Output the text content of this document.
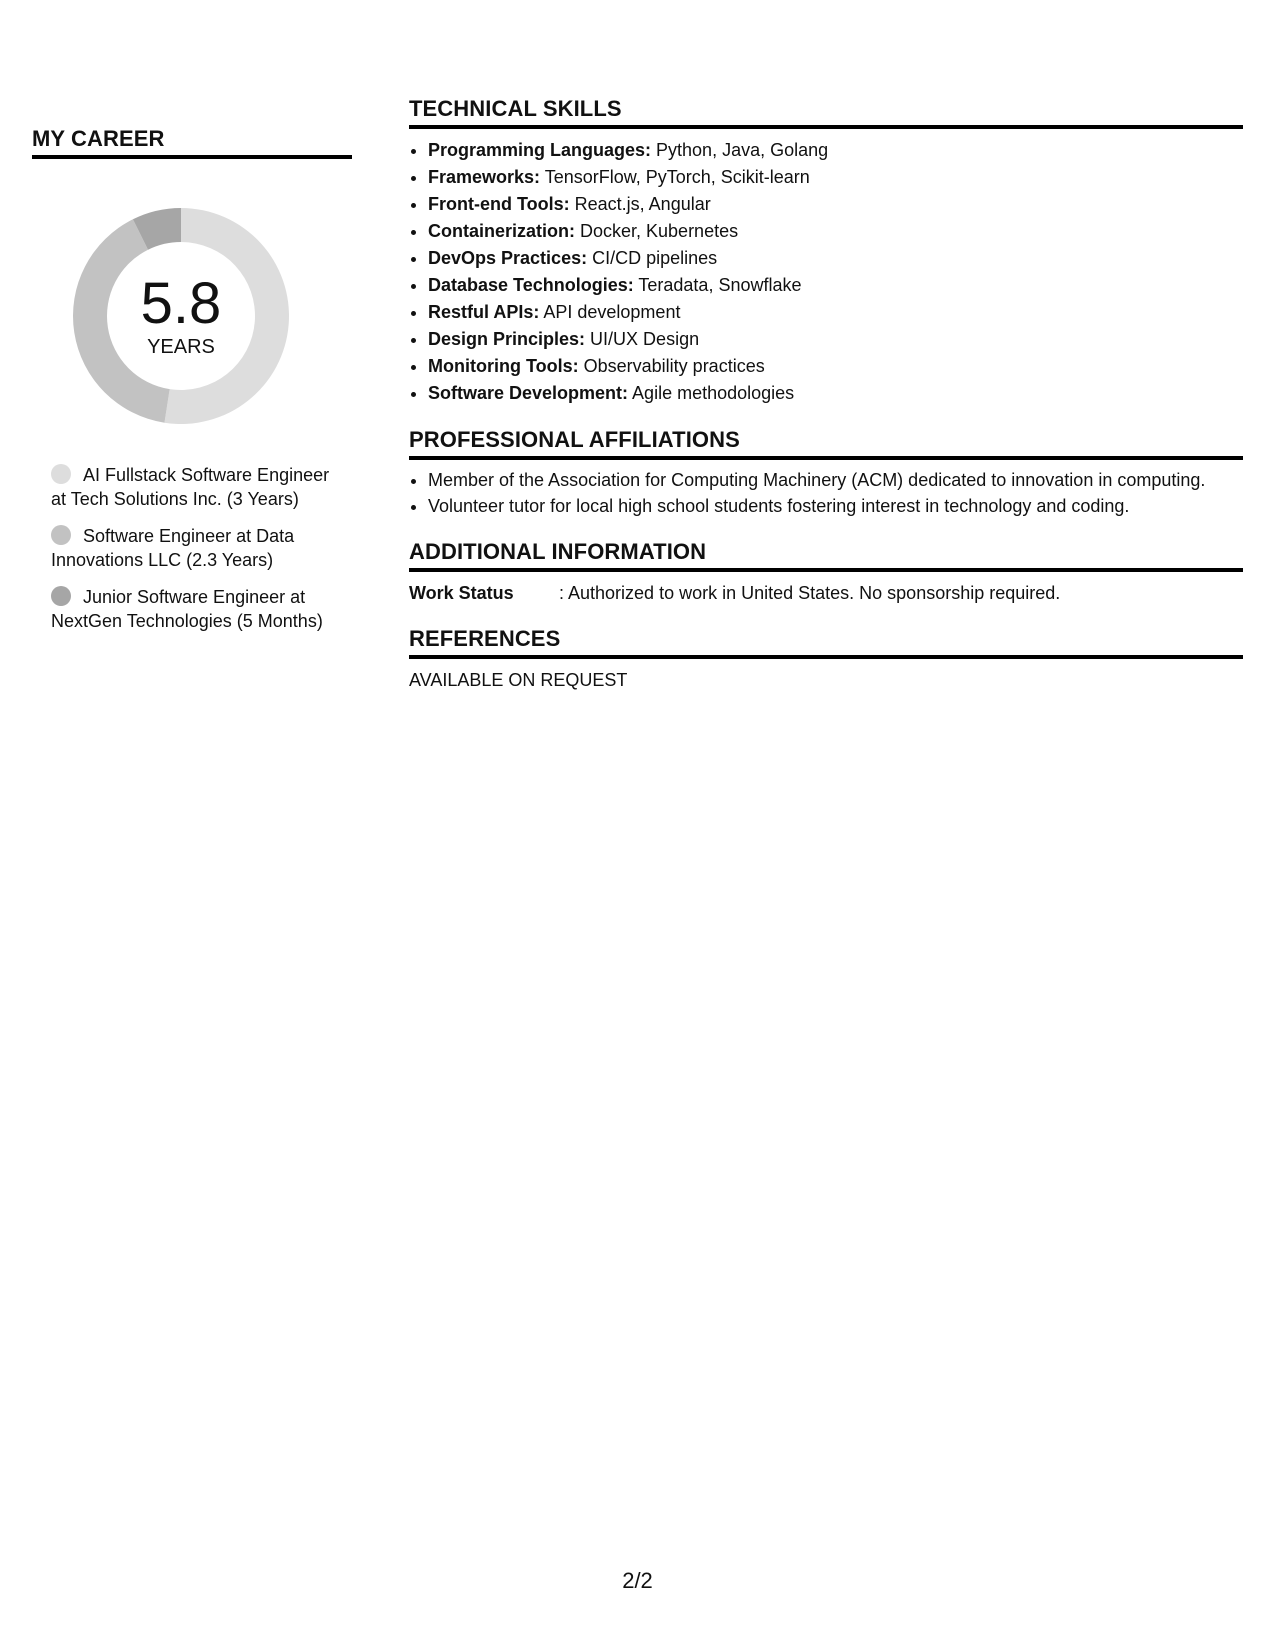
MY CAREER
5.8
YEARS
AI Fullstack Software Engineer at Tech Solutions Inc. (3 Years)
Software Engineer at Data Innovations LLC (2.3 Years)
Junior Software Engineer at NextGen Technologies (5 Months)
TECHNICAL SKILLS
• Programming Languages: Python, Java, Golang
• Frameworks: TensorFlow, PyTorch, Scikit-learn
• Front-end Tools: React.js, Angular
• Containerization: Docker, Kubernetes
• DevOps Practices: CI/CD pipelines
• Database Technologies: Teradata, Snowflake
• Restful APIs: API development
• Design Principles: UI/UX Design
• Monitoring Tools: Observability practices
• Software Development: Agile methodologies
PROFESSIONAL AFFILIATIONS
• Member of the Association for Computing Machinery (ACM) dedicated to innovation in computing.
• Volunteer tutor for local high school students fostering interest in technology and coding.
ADDITIONAL INFORMATION
Work Status	: Authorized to work in United States. No sponsorship required.
REFERENCES
AVAILABLE ON REQUEST
2/2
